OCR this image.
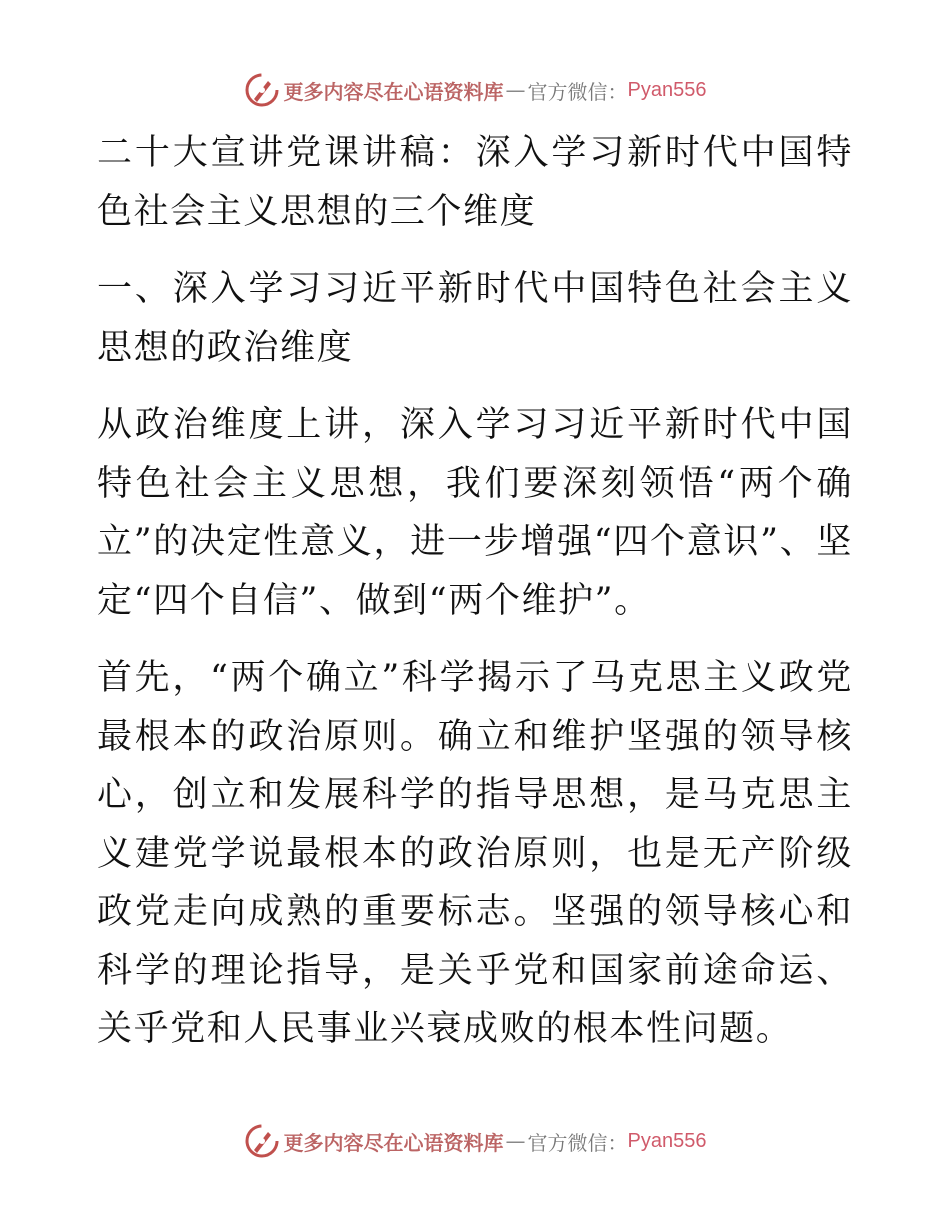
更多内容尽在心语资料库 — 官方微信： Pyan556

二十大宣讲党课讲稿：深入学习新时代中国特色社会主义思想的三个维度

一、深入学习习近平新时代中国特色社会主义思想的政治维度

从政治维度上讲，深入学习习近平新时代中国特色社会主义思想，我们要深刻领悟“两个确立”的决定性意义，进一步增强“四个意识”、坚定“四个自信”、做到“两个维护”。

首先，“两个确立”科学揭示了马克思主义政党最根本的政治原则。确立和维护坚强的领导核心，创立和发展科学的指导思想，是马克思主义建党学说最根本的政治原则，也是无产阶级政党走向成熟的重要标志。坚强的领导核心和科学的理论指导，是关乎党和国家前途命运、关乎党和人民事业兴衰成败的根本性问题。

更多内容尽在心语资料库 — 官方微信： Pyan556
